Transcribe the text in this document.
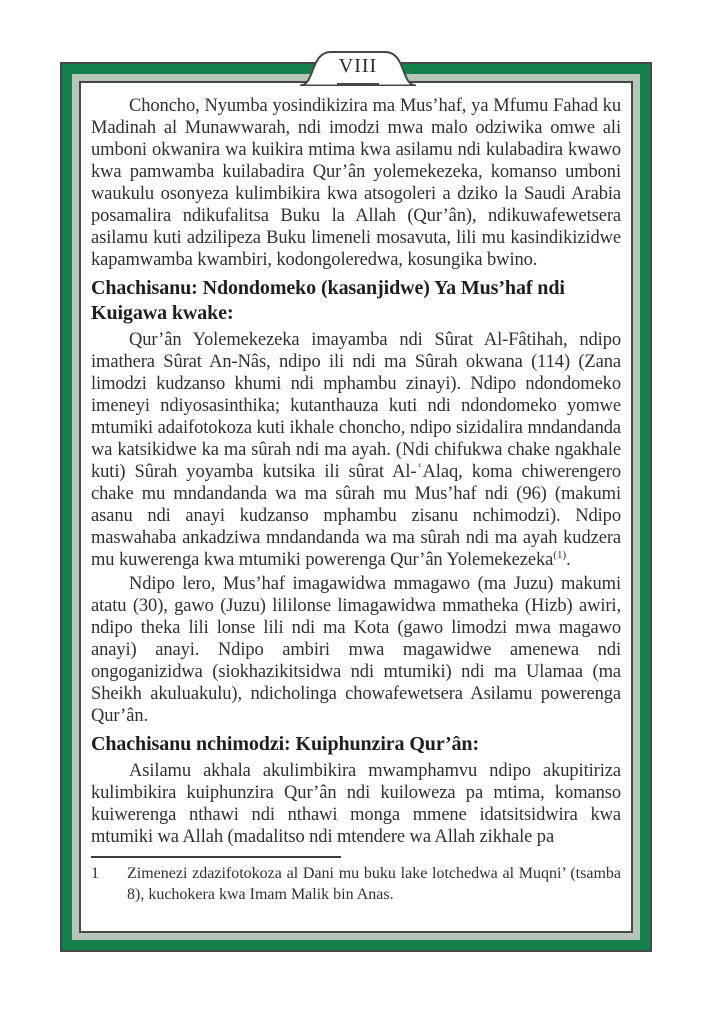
VIII

Choncho, Nyumba yosindikizira ma Mus’haf, ya Mfumu Fahad ku Madinah al Munawwarah, ndi imodzi mwa malo odziwika omwe ali umboni okwanira wa kuikira mtima kwa asilamu ndi kulabadira kwawo kwa pamwamba kuilabadira Qur’ân yolemekezeka, komanso umboni waukulu osonyeza kulimbikira kwa atsogoleri a dziko la Saudi Arabia posamalira ndikufalitsa Buku la Allah (Qur’ân), ndikuwafewetsera asilamu kuti adzilipeza Buku limeneli mosavuta, lili mu kasindikizidwe kapamwamba kwambiri, kodongoleredwa, kosungika bwino.

Chachisanu: Ndondomeko (kasanjidwe) Ya Mus’haf ndi Kuigawa kwake:

Qur’ân Yolemekezeka imayamba ndi Sûrat Al-Fâtihah, ndipo imathera Sûrat An-Nâs, ndipo ili ndi ma Sûrah okwana (114) (Zana limodzi kudzanso khumi ndi mphambu zinayi). Ndipo ndondomeko imeneyi ndiyosasinthika; kutanthauza kuti ndi ndondomeko yomwe mtumiki adaifotokoza kuti ikhale choncho, ndipo sizidalira mndandanda wa katsikidwe ka ma sûrah ndi ma ayah. (Ndi chifukwa chake ngakhale kuti) Sûrah yoyamba kutsika ili sûrat Al-ʿAlaq, koma chiwerengero chake mu mndandanda wa ma sûrah mu Mus’haf ndi (96) (makumi asanu ndi anayi kudzanso mphambu zisanu nchimodzi). Ndipo maswahaba ankadziwa mndandanda wa ma sûrah ndi ma ayah kudzera mu kuwerenga kwa mtumiki powerenga Qur’ân Yolemekezeka$^{(1)}$.

Ndipo lero, Mus’haf imagawidwa mmagawo (ma Juzu) makumi atatu (30), gawo (Juzu) lililonse limagawidwa mmatheka (Hizb) awiri, ndipo theka lili lonse lili ndi ma Kota (gawo limodzi mwa magawo anayi) anayi. Ndipo ambiri mwa magawidwe amenewa ndi ongoganizidwa (siokhazikitsidwa ndi mtumiki) ndi ma Ulamaa (ma Sheikh akuluakulu), ndicholinga chowafewetsera Asilamu powerenga Qur’ân.

Chachisanu nchimodzi: Kuiphunzira Qur’ân:

Asilamu akhala akulimbikira mwamphamvu ndipo akupitiriza kulimbikira kuiphunzira Qur’ân ndi kuiloweza pa mtima, komanso kuiwerenga nthawi ndi nthawi monga mmene idatsitsidwira kwa mtumiki wa Allah (madalitso ndi mtendere wa Allah zikhale pa

1	Zimenezi zdazifotokoza al Dani mu buku lake lotchedwa al Muqni’ (tsamba 8), kuchokera kwa Imam Malik bin Anas.
